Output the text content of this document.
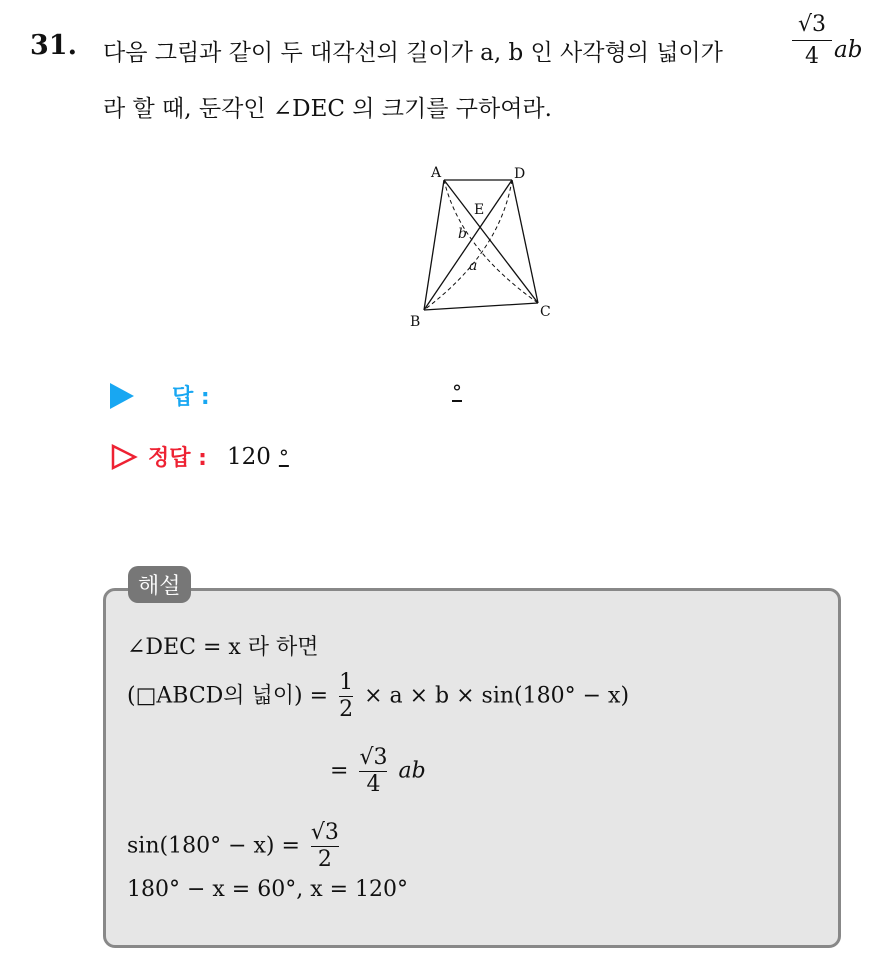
31. 다음 그림과 같이 두 대각선의 길이가 a, b 인 사각형의 넓이가
√3
4 ab
라 할 때, 둔각인 ∠DEC 의 크기를 구하여라.
A	D
E
b
a
B
C
답 :	°
정답 : 120 °
해설
∠DEC = x 라 하면
(□ABCD의 넓이) = $\frac{1}{2} \times a \times b \times \sin(180^\circ - x)$
= $\frac{√3}{4}$ ab
$\sin(180^\circ - x) = \frac{√3}{2}$
180° − x = 60°, x = 120°
